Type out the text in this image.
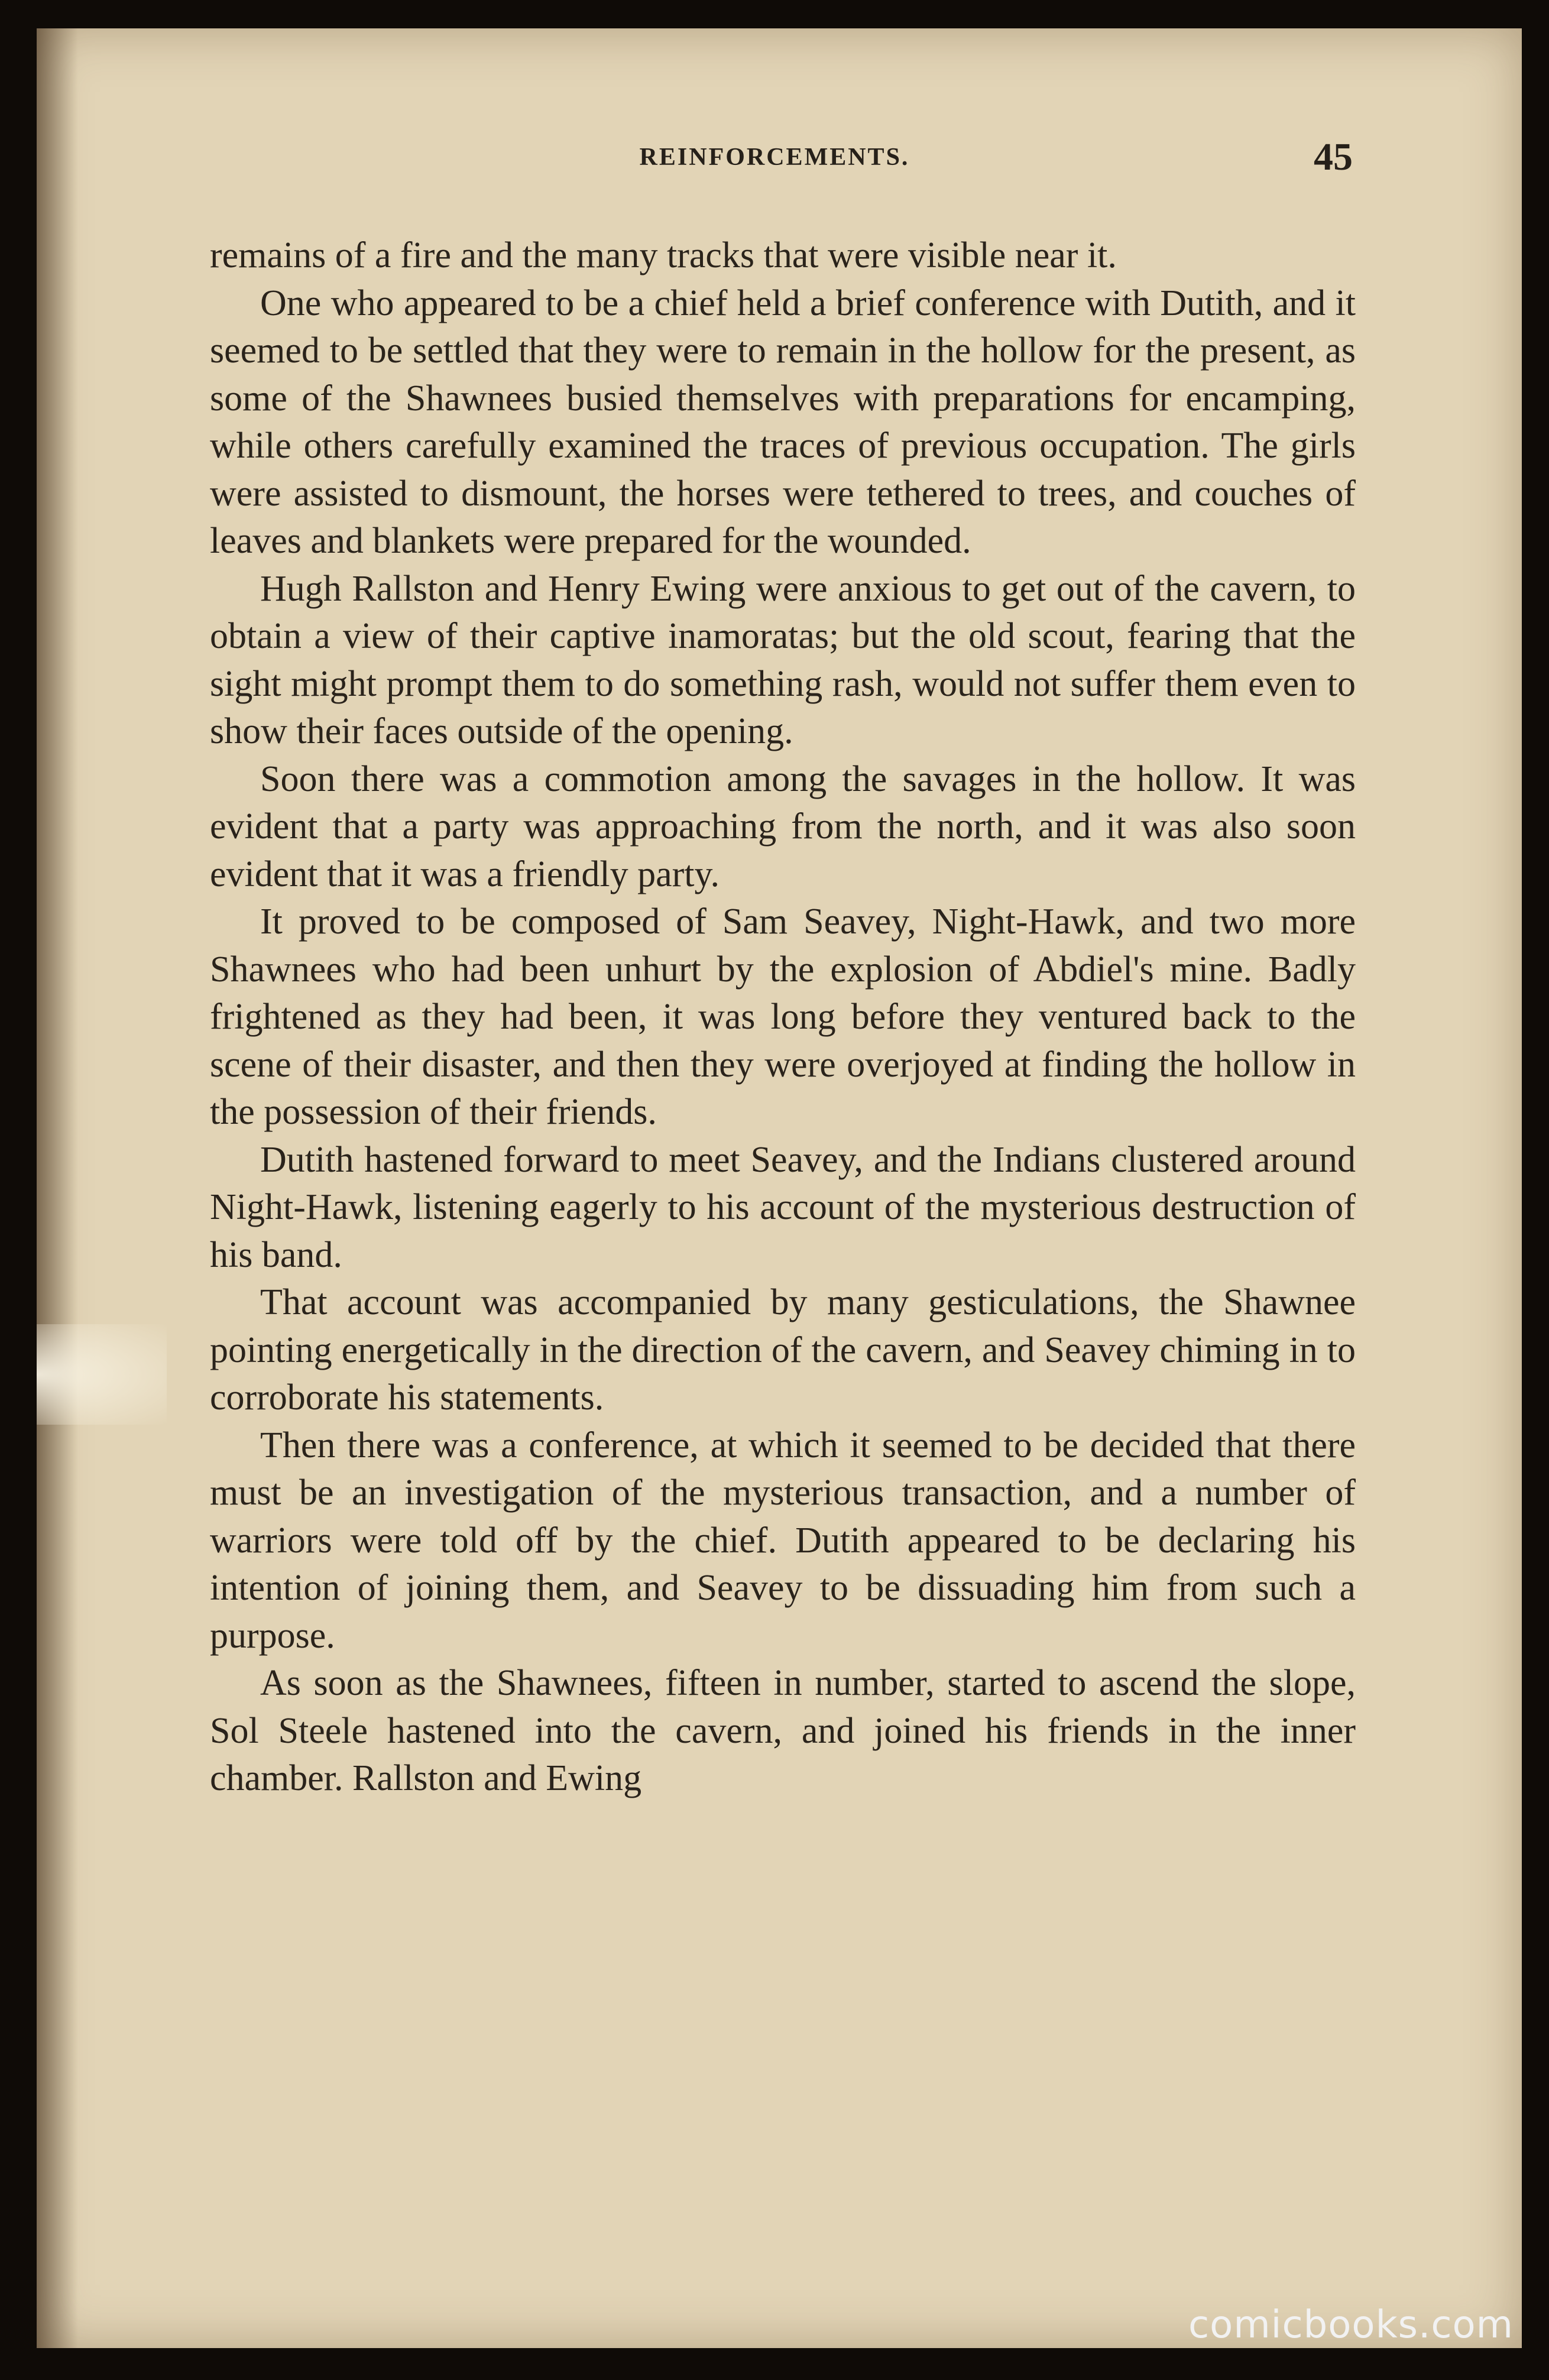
REINFORCEMENTS.	45

remains of a fire and the many tracks that were visible near it.

One who appeared to be a chief held a brief conference with Dutith, and it seemed to be settled that they were to remain in the hollow for the present, as some of the Shawnees busied themselves with preparations for encamping, while others carefully examined the traces of previous occupation. The girls were assisted to dismount, the horses were tethered to trees, and couches of leaves and blankets were prepared for the wounded.

Hugh Rallston and Henry Ewing were anxious to get out of the cavern, to obtain a view of their captive inamoratas; but the old scout, fearing that the sight might prompt them to do something rash, would not suffer them even to show their faces outside of the opening.

Soon there was a commotion among the savages in the hollow. It was evident that a party was approaching from the north, and it was also soon evident that it was a friendly party.

It proved to be composed of Sam Seavey, Night-Hawk, and two more Shawnees who had been unhurt by the explosion of Abdiel's mine. Badly frightened as they had been, it was long before they ventured back to the scene of their disaster, and then they were overjoyed at finding the hollow in the possession of their friends.

Dutith hastened forward to meet Seavey, and the Indians clustered around Night-Hawk, listening eagerly to his account of the mysterious destruction of his band.

That account was accompanied by many gesticulations, the Shawnee pointing energetically in the direction of the cavern, and Seavey chiming in to corroborate his statements.

Then there was a conference, at which it seemed to be decided that there must be an investigation of the mysterious transaction, and a number of warriors were told off by the chief. Dutith appeared to be declaring his intention of joining them, and Seavey to be dissuading him from such a purpose.

As soon as the Shawnees, fifteen in number, started to ascend the slope, Sol Steele hastened into the cavern, and joined his friends in the inner chamber. Rallston and Ewing

comicbooks.com
